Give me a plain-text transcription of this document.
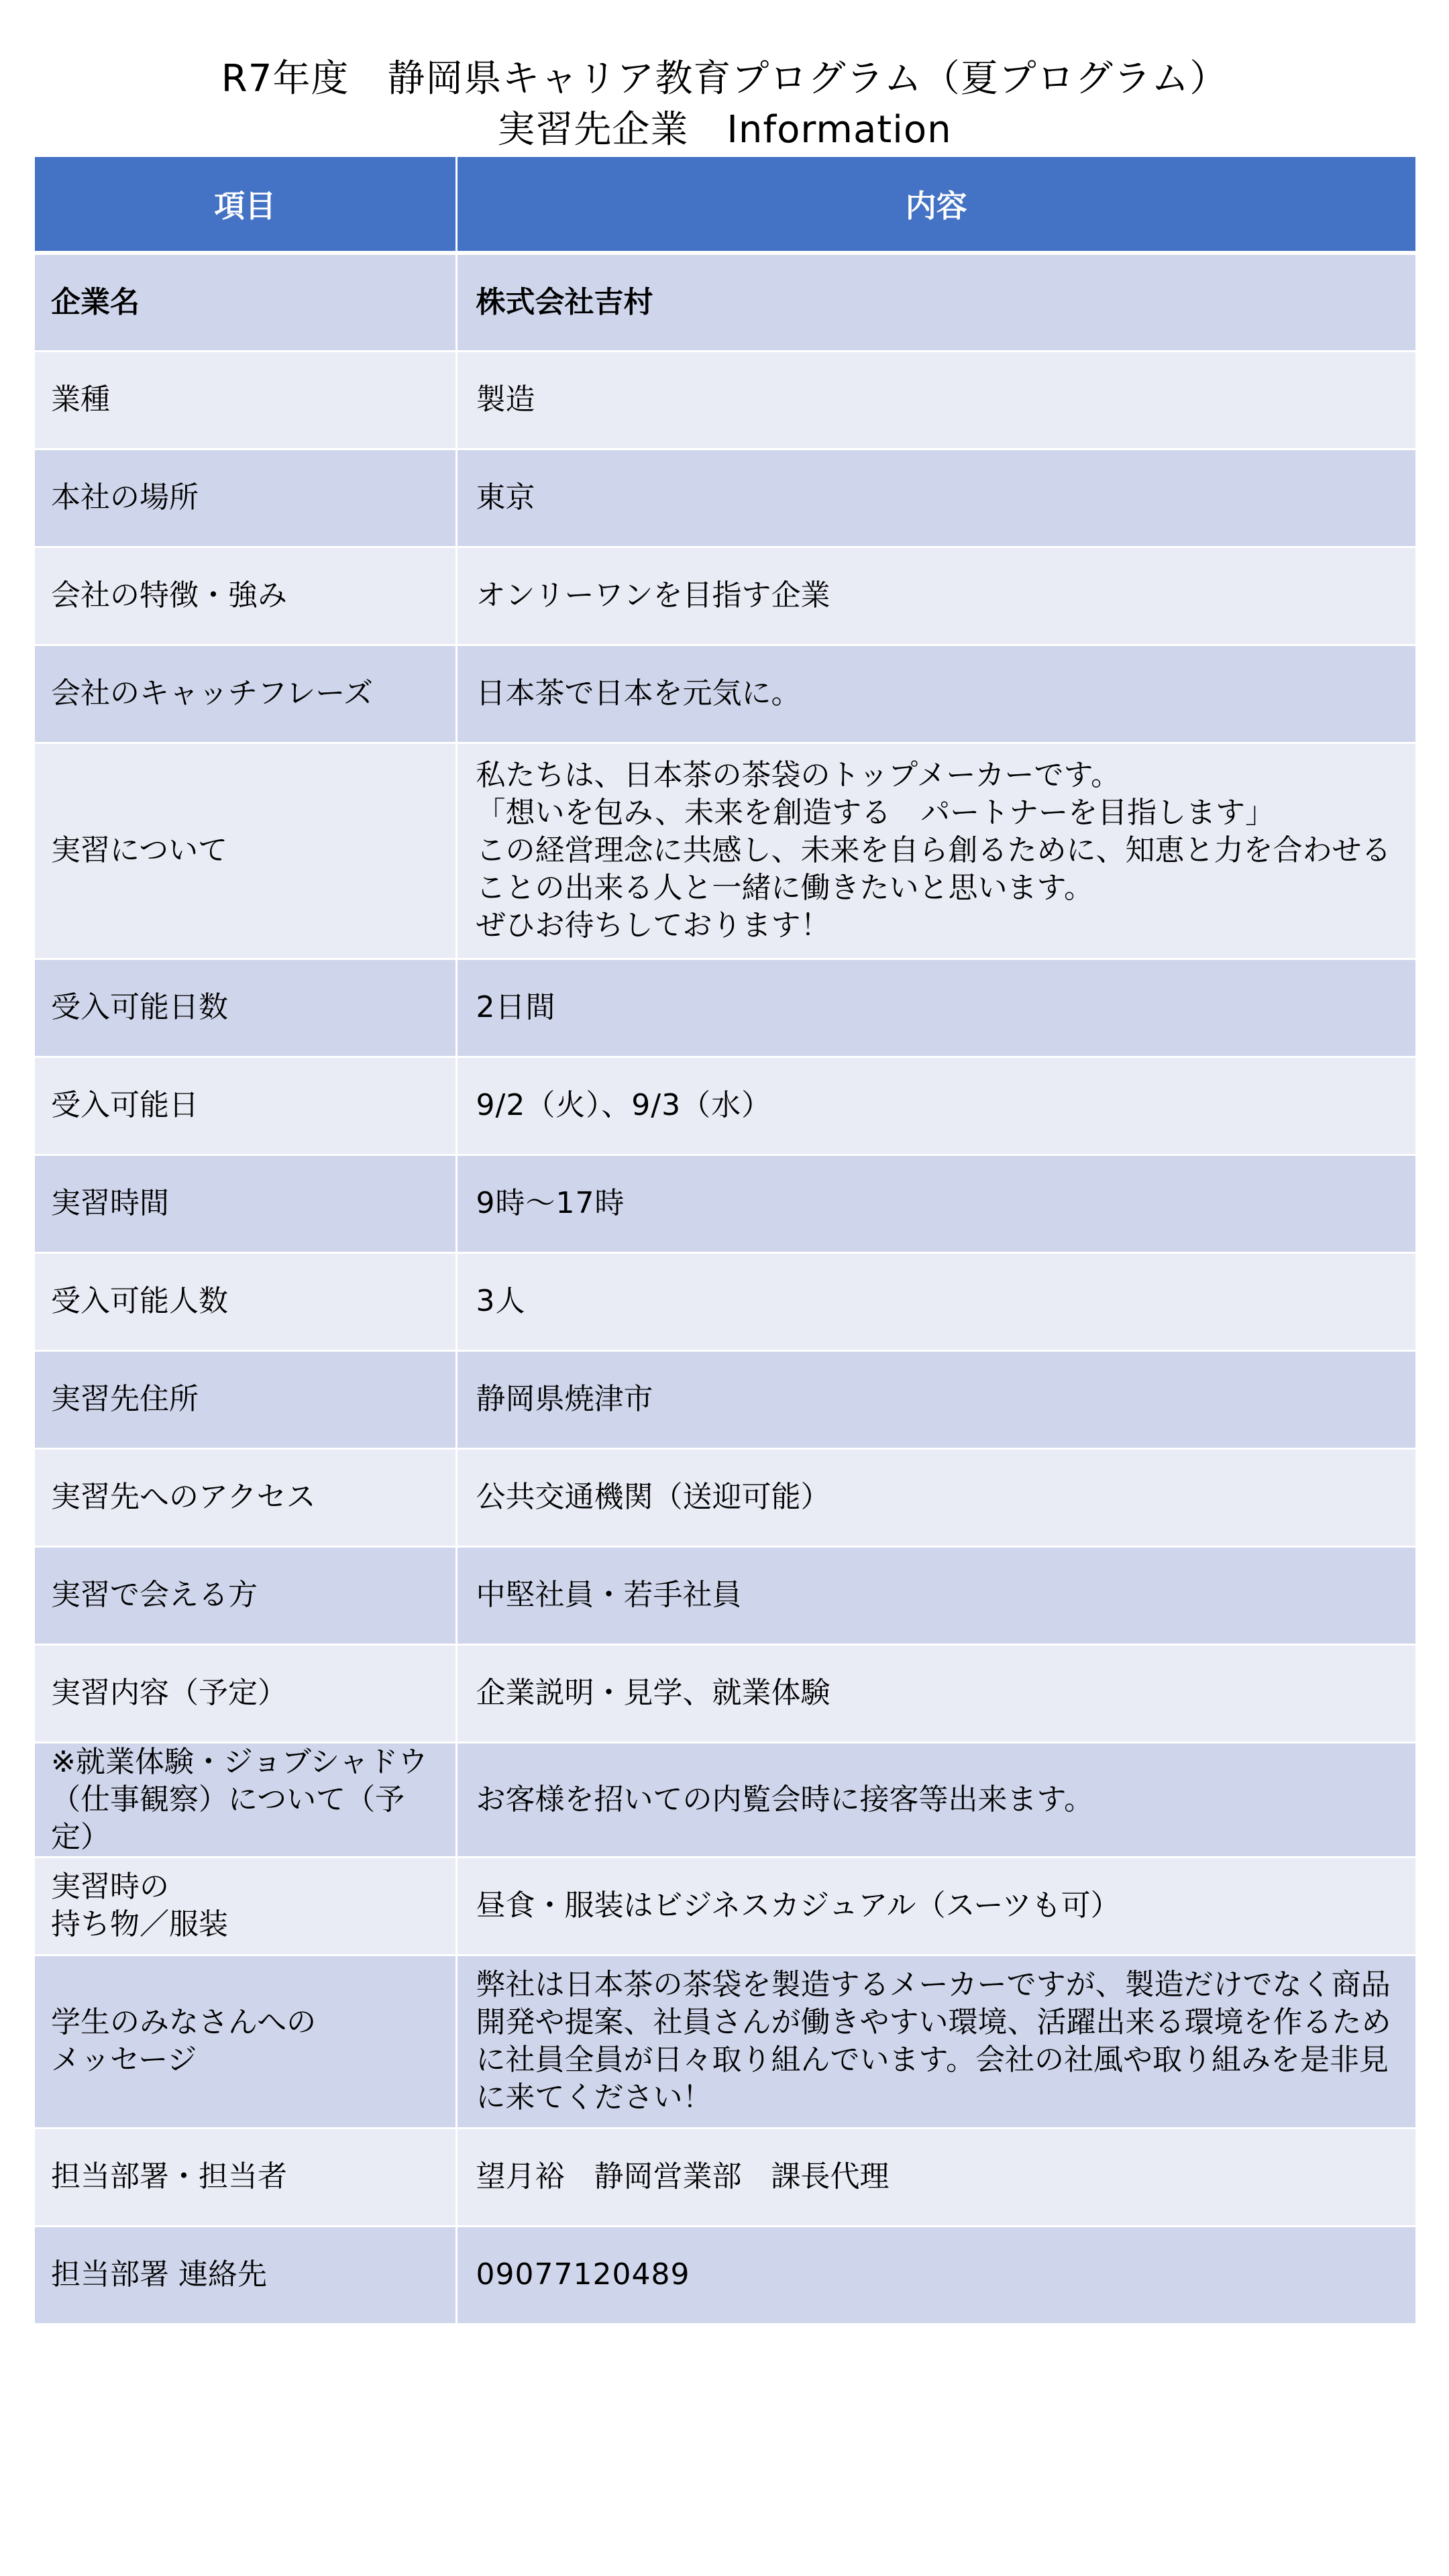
R7年度　静岡県キャリア教育プログラム（夏プログラム）
実習先企業　Information
項目	内容
企業名	株式会社吉村
業種	製造
本社の場所	東京
会社の特徴・強み	オンリーワンを目指す企業
会社のキャッチフレーズ	日本茶で日本を元気に。
実習について	私たちは、日本茶の茶袋のトップメーカーです。
「想いを包み、未来を創造する　パートナーを目指します」
この経営理念に共感し、未来を自ら創るために、知恵と力を合わせることの出来る人と一緒に働きたいと思います。
ぜひお待ちしております！
受入可能日数	2日間
受入可能日	9/2（火）、9/3（水）
実習時間	9時～17時
受入可能人数	3人
実習先住所	静岡県焼津市
実習先へのアクセス	公共交通機関（送迎可能）
実習で会える方	中堅社員・若手社員
実習内容（予定）	企業説明・見学、就業体験
※就業体験・ジョブシャドウ
（仕事観察）について（予定）	お客様を招いての内覧会時に接客等出来ます。
実習時の
持ち物／服装	昼食・服装はビジネスカジュアル（スーツも可）
学生のみなさんへの
メッセージ	弊社は日本茶の茶袋を製造するメーカーですが、製造だけでなく商品開発や提案、社員さんが働きやすい環境、活躍出来る環境を作るために社員全員が日々取り組んでいます。会社の社風や取り組みを是非見に来てください！
担当部署・担当者	望月裕　静岡営業部　課長代理
担当部署 連絡先	09077120489
